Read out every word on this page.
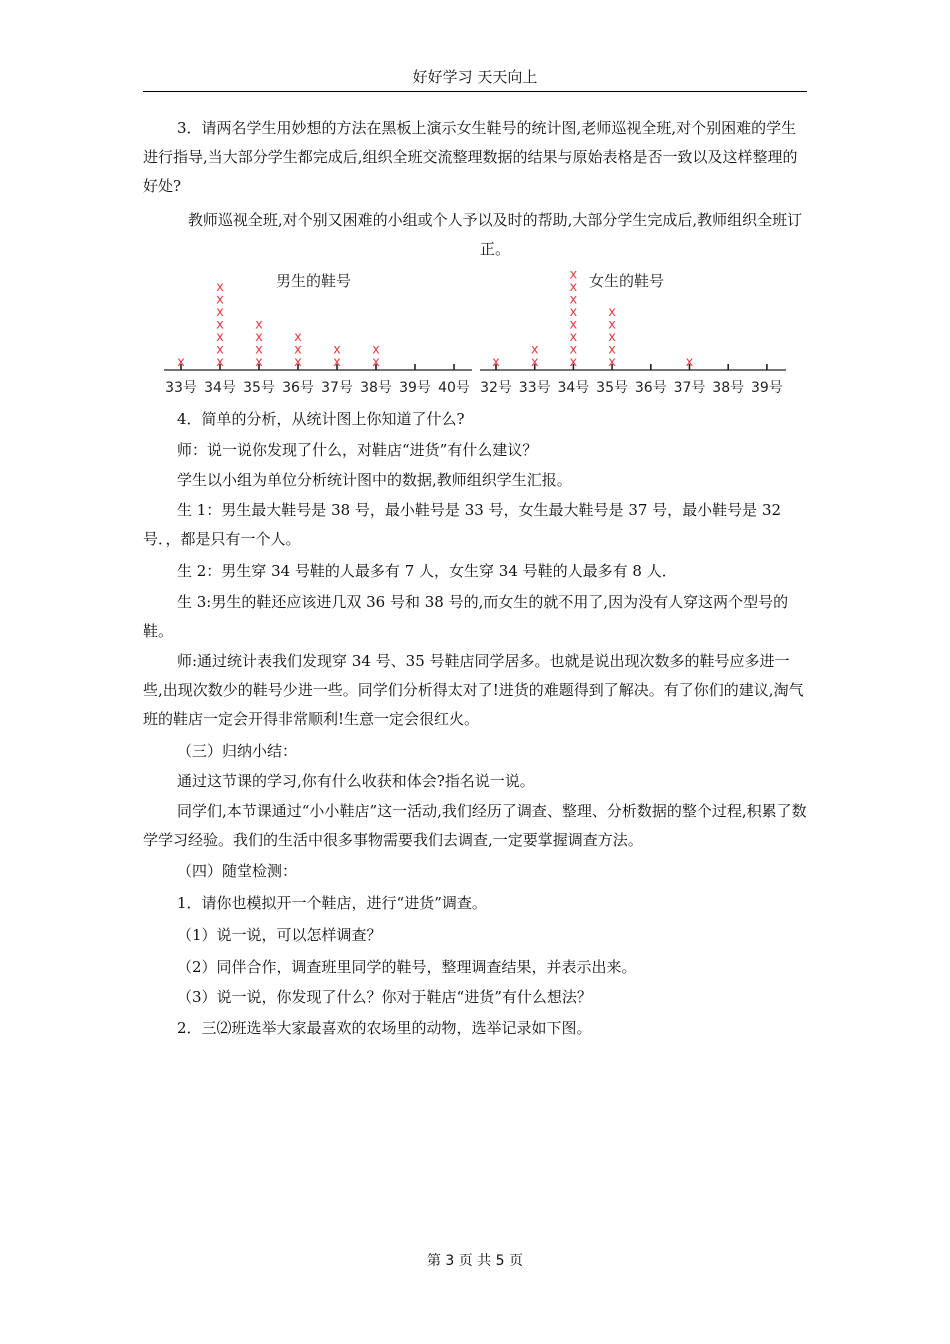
好好学习 天天向上

3．请两名学生用妙想的方法在黑板上演示女生鞋号的统计图,老师巡视全班,对个别困难的学生进行指导,当大部分学生都完成后,组织全班交流整理数据的结果与原始表格是否一致以及这样整理的好处?

教师巡视全班,对个别又困难的小组或个人予以及时的帮助,大部分学生完成后,教师组织全班订正。

男生的鞋号
33号 34号 35号 36号 37号 38号 39号 40号
x x
x
x
x
x
x
x
x
x
x
x
x
x
x
x
x
x
x
女生的鞋号
32号 33号 34号 35号 36号 37号 38号 39号
x x
x
x
x
x
x
x
x
x
x
x
x
x
x
x
x

4．简单的分析，从统计图上你知道了什么?

师：说一说你发现了什么，对鞋店“进货”有什么建议？

学生以小组为单位分析统计图中的数据,教师组织学生汇报。

生 1：男生最大鞋号是 38 号，最小鞋号是 33 号，女生最大鞋号是 37 号，最小鞋号是 32 号．，都是只有一个人。

生 2：男生穿 34 号鞋的人最多有 7 人，女生穿 34 号鞋的人最多有 8 人．

生 3:男生的鞋还应该进几双 36 号和 38 号的,而女生的就不用了,因为没有人穿这两个型号的鞋。

师:通过统计表我们发现穿 34 号、35 号鞋店同学居多。也就是说出现次数多的鞋号应多进一些,出现次数少的鞋号少进一些。同学们分析得太对了!进货的难题得到了解决。有了你们的建议,淘气班的鞋店一定会开得非常顺利!生意一定会很红火。

（三）归纳小结：

通过这节课的学习,你有什么收获和体会?指名说一说。

同学们,本节课通过“小小鞋店”这一活动,我们经历了调查、整理、分析数据的整个过程,积累了数学学习经验。我们的生活中很多事物需要我们去调查,一定要掌握调查方法。

（四）随堂检测：

1．请你也模拟开一个鞋店，进行“进货”调查。

（1）说一说，可以怎样调查？

（2）同伴合作，调查班里同学的鞋号，整理调查结果，并表示出来。

（3）说一说，你发现了什么？你对于鞋店“进货”有什么想法？

2．三⑵班选举大家最喜欢的农场里的动物，选举记录如下图。

第 3 页 共 5 页
